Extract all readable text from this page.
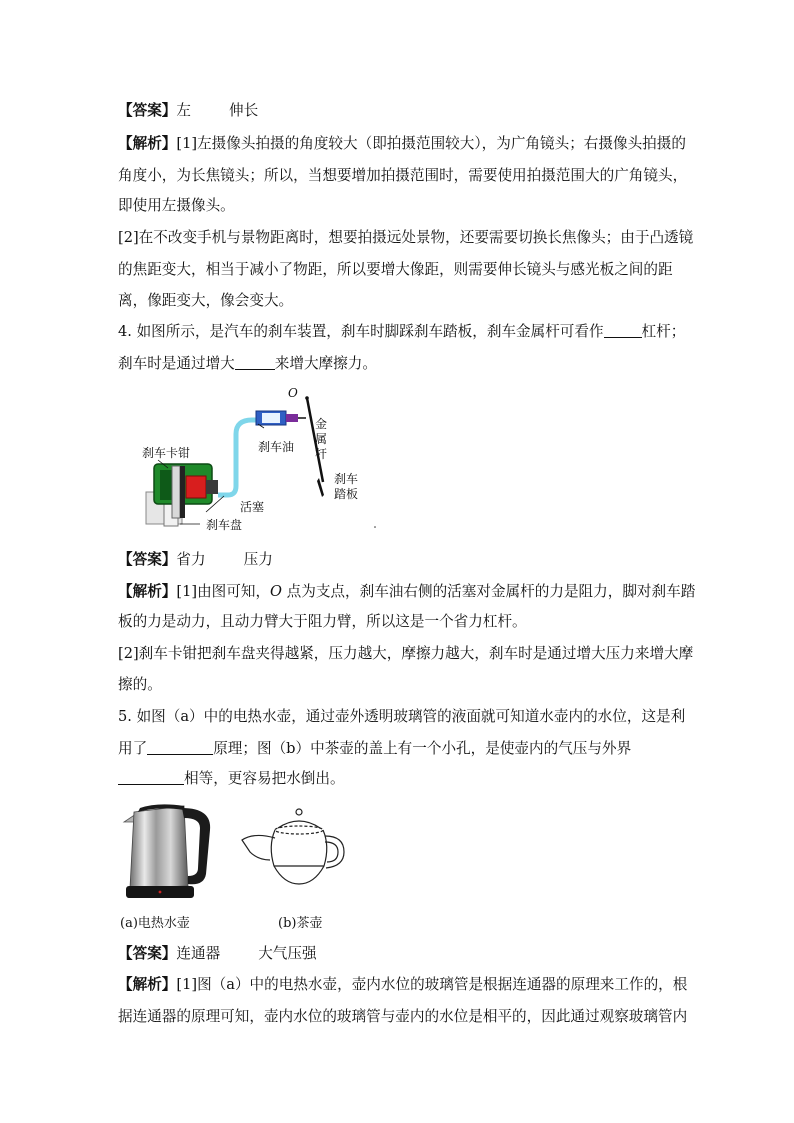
【答案】左	伸长
【解析】[1]左摄像头拍摄的角度较大（即拍摄范围较大），为广角镜头；右摄像头拍摄的
角度小，为长焦镜头；所以，当想要增加拍摄范围时，需要使用拍摄范围大的广角镜头，
即使用左摄像头。
[2]在不改变手机与景物距离时，想要拍摄远处景物，还要需要切换长焦像头；由于凸透镜
的焦距变大，相当于减小了物距，所以要增大像距，则需要伸长镜头与感光板之间的距
离，像距变大，像会变大。
4. 如图所示，是汽车的刹车装置，刹车时脚踩刹车踏板，刹车金属杆可看作	杠杆；
刹车时是通过增大	来增大摩擦力。
O
刹车卡钳	刹车油
金
属
杆
刹车
踏板
活塞
刹车盘
【答案】省力	压力
【解析】[1]由图可知，O 点为支点，刹车油右侧的活塞对金属杆的力是阻力，脚对刹车踏
板的力是动力，且动力臂大于阻力臂，所以这是一个省力杠杆。
[2]刹车卡钳把刹车盘夹得越紧，压力越大，摩擦力越大，刹车时是通过增大压力来增大摩
擦的。
5. 如图（a）中的电热水壶，通过壶外透明玻璃管的液面就可知道水壶内的水位，这是利
用了	原理；图（b）中茶壶的盖上有一个小孔，是使壶内的气压与外界
相等，更容易把水倒出。
(a)电热水壶	(b)茶壶
【答案】连通器	大气压强
【解析】[1]图（a）中的电热水壶，壶内水位的玻璃管是根据连通器的原理来工作的，根
据连通器的原理可知，壶内水位的玻璃管与壶内的水位是相平的，因此通过观察玻璃管内
